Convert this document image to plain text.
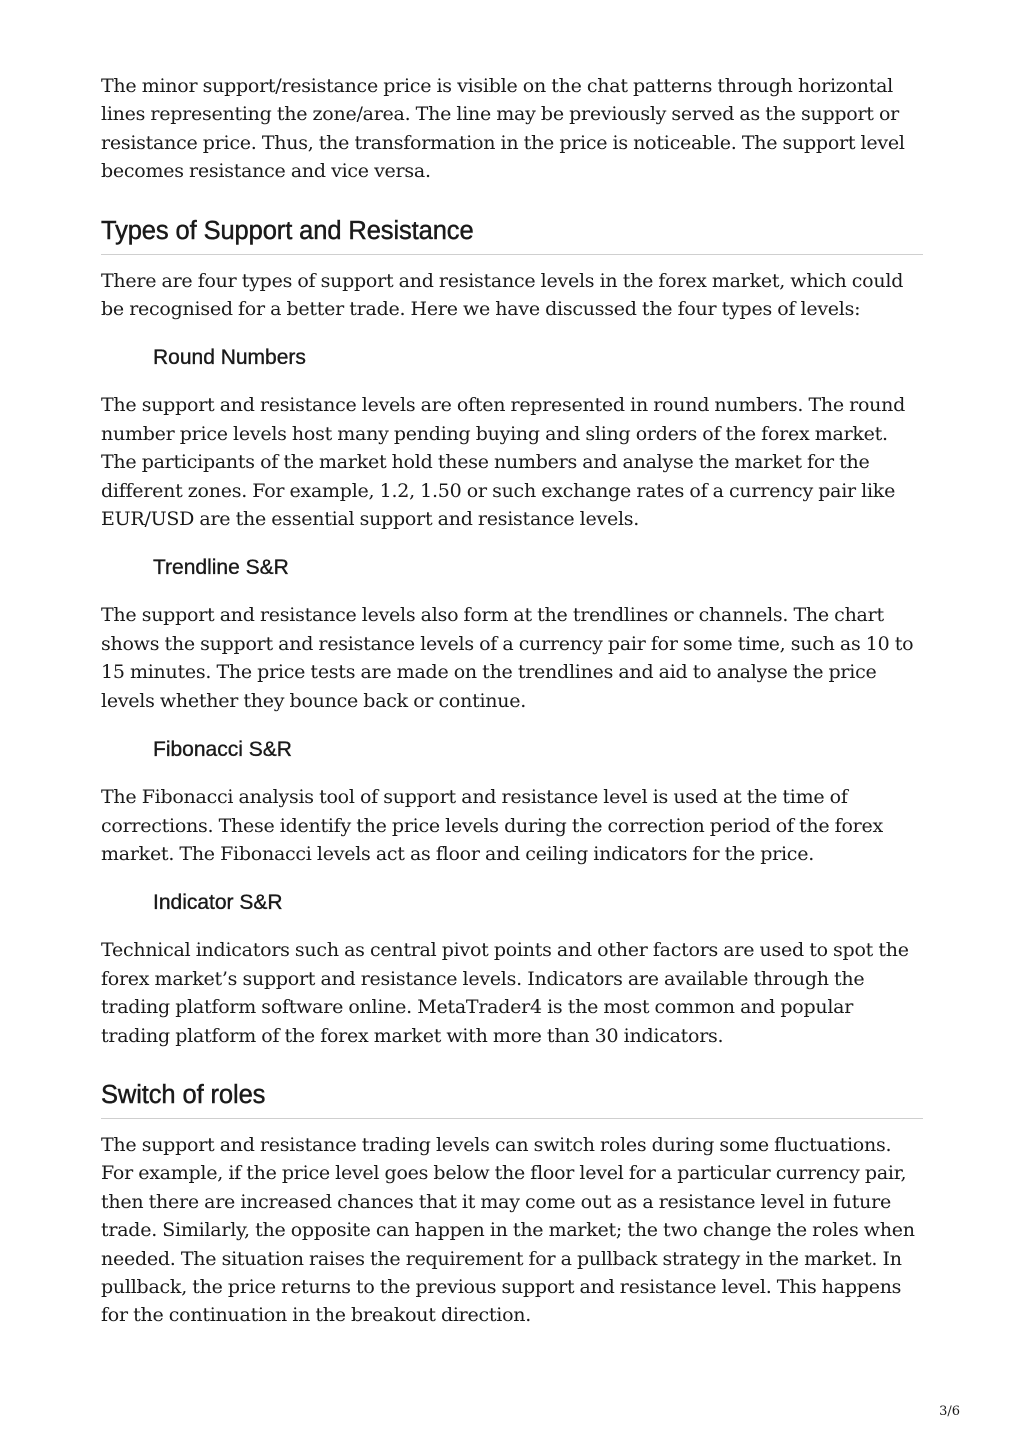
The minor support/resistance price is visible on the chat patterns through horizontal lines representing the zone/area. The line may be previously served as the support or resistance price. Thus, the transformation in the price is noticeable. The support level becomes resistance and vice versa.

Types of Support and Resistance

There are four types of support and resistance levels in the forex market, which could be recognised for a better trade. Here we have discussed the four types of levels:

Round Numbers

The support and resistance levels are often represented in round numbers. The round number price levels host many pending buying and sling orders of the forex market. The participants of the market hold these numbers and analyse the market for the different zones. For example, 1.2, 1.50 or such exchange rates of a currency pair like EUR/USD are the essential support and resistance levels.

Trendline S&R

The support and resistance levels also form at the trendlines or channels. The chart shows the support and resistance levels of a currency pair for some time, such as 10 to 15 minutes. The price tests are made on the trendlines and aid to analyse the price levels whether they bounce back or continue.

Fibonacci S&R

The Fibonacci analysis tool of support and resistance level is used at the time of corrections. These identify the price levels during the correction period of the forex market. The Fibonacci levels act as floor and ceiling indicators for the price.

Indicator S&R

Technical indicators such as central pivot points and other factors are used to spot the forex market’s support and resistance levels. Indicators are available through the trading platform software online. MetaTrader4 is the most common and popular trading platform of the forex market with more than 30 indicators.

Switch of roles

The support and resistance trading levels can switch roles during some fluctuations. For example, if the price level goes below the floor level for a particular currency pair, then there are increased chances that it may come out as a resistance level in future trade. Similarly, the opposite can happen in the market; the two change the roles when needed. The situation raises the requirement for a pullback strategy in the market. In pullback, the price returns to the previous support and resistance level. This happens for the continuation in the breakout direction.

3/6
